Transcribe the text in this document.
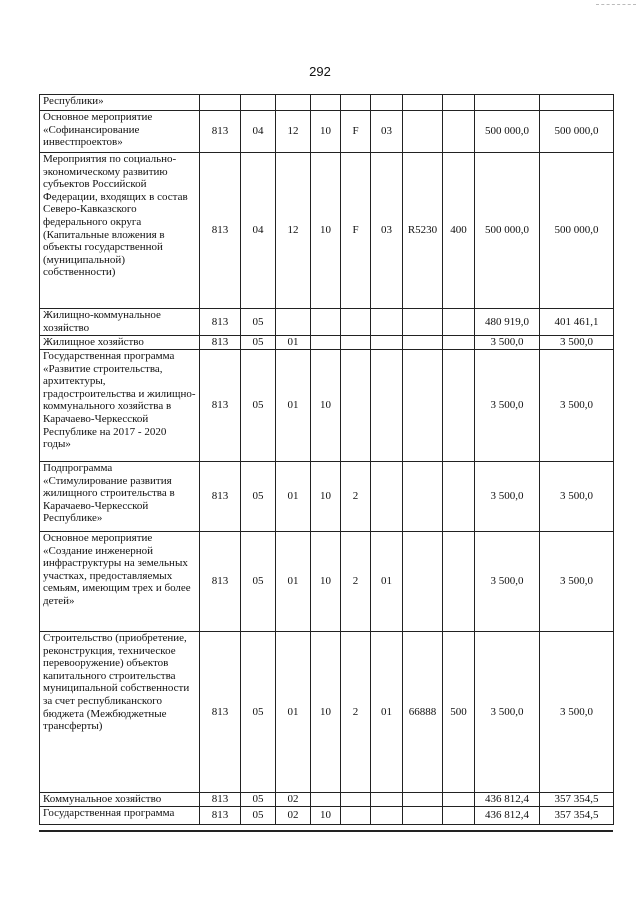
292
Республики»										
Основное мероприятие «Софинансирование инвестпроектов»	813	04	12	10	F	03			500 000,0	500 000,0
Мероприятия по социально-экономическому развитию субъектов Российской Федерации, входящих в состав Северо-Кавказского федерального округа (Капитальные вложения в объекты государственной (муниципальной) собственности)	813	04	12	10	F	03	R5230	400	500 000,0	500 000,0
Жилищно-коммунальное хозяйство	813	05							480 919,0	401 461,1
Жилищное хозяйство	813	05	01						3 500,0	3 500,0
Государственная программа «Развитие строительства, архитектуры, градостроительства и жилищно-коммунального хозяйства в Карачаево-Черкесской Республике на 2017 - 2020 годы»	813	05	01	10					3 500,0	3 500,0
Подпрограмма «Стимулирование развития жилищного строительства в Карачаево-Черкесской Республике»	813	05	01	10	2				3 500,0	3 500,0
Основное мероприятие «Создание инженерной инфраструктуры на земельных участках, предоставляемых семьям, имеющим трех и более детей»	813	05	01	10	2	01			3 500,0	3 500,0
Строительство (приобретение, реконструкция, техническое перевооружение) объектов капитального строительства муниципальной собственности за счет республиканского бюджета (Межбюджетные трансферты)	813	05	01	10	2	01	66888	500	3 500,0	3 500,0
Коммунальное хозяйство	813	05	02						436 812,4	357 354,5
Государственная программа	813	05	02	10					436 812,4	357 354,5
